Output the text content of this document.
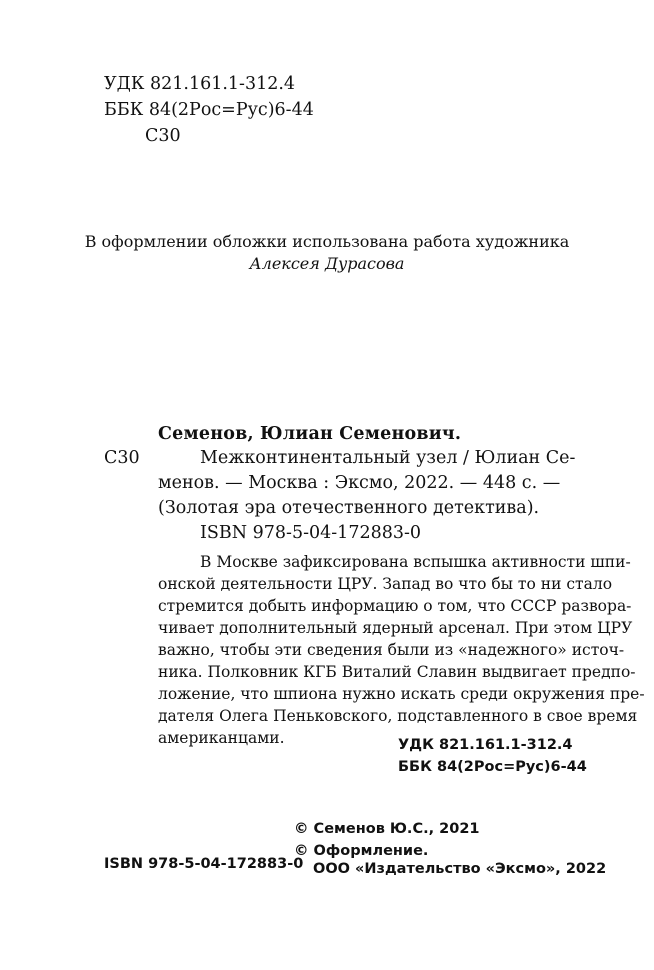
УДК 821.161.1-312.4
ББК 84(2Рос=Рус)6-44
С30
В оформлении обложки использована работа художника
Алексея Дурасова
Семенов, Юлиан Семенович.
С30	Межконтинентальный узел / Юлиан Се-
менов. — Москва : Эксмо, 2022. — 448 с. —
(Золотая эра отечественного детектива).
ISBN 978-5-04-172883-0
В Москве зафиксирована вспышка активности шпи-
онской деятельности ЦРУ. Запад во что бы то ни стало
стремится добыть информацию о том, что СССР развора-
чивает дополнительный ядерный арсенал. При этом ЦРУ
важно, чтобы эти сведения были из «надежного» источ-
ника. Полковник КГБ Виталий Славин выдвигает предпо-
ложение, что шпиона нужно искать среди окружения пре-
дателя Олега Пеньковского, подставленного в свое время
американцами.	УДК 821.161.1-312.4
ББК 84(2Рос=Рус)6-44
© Семенов Ю.С., 2021
© Оформление.
ISBN 978-5-04-172883-0 ООО «Издательство «Эксмо», 2022
